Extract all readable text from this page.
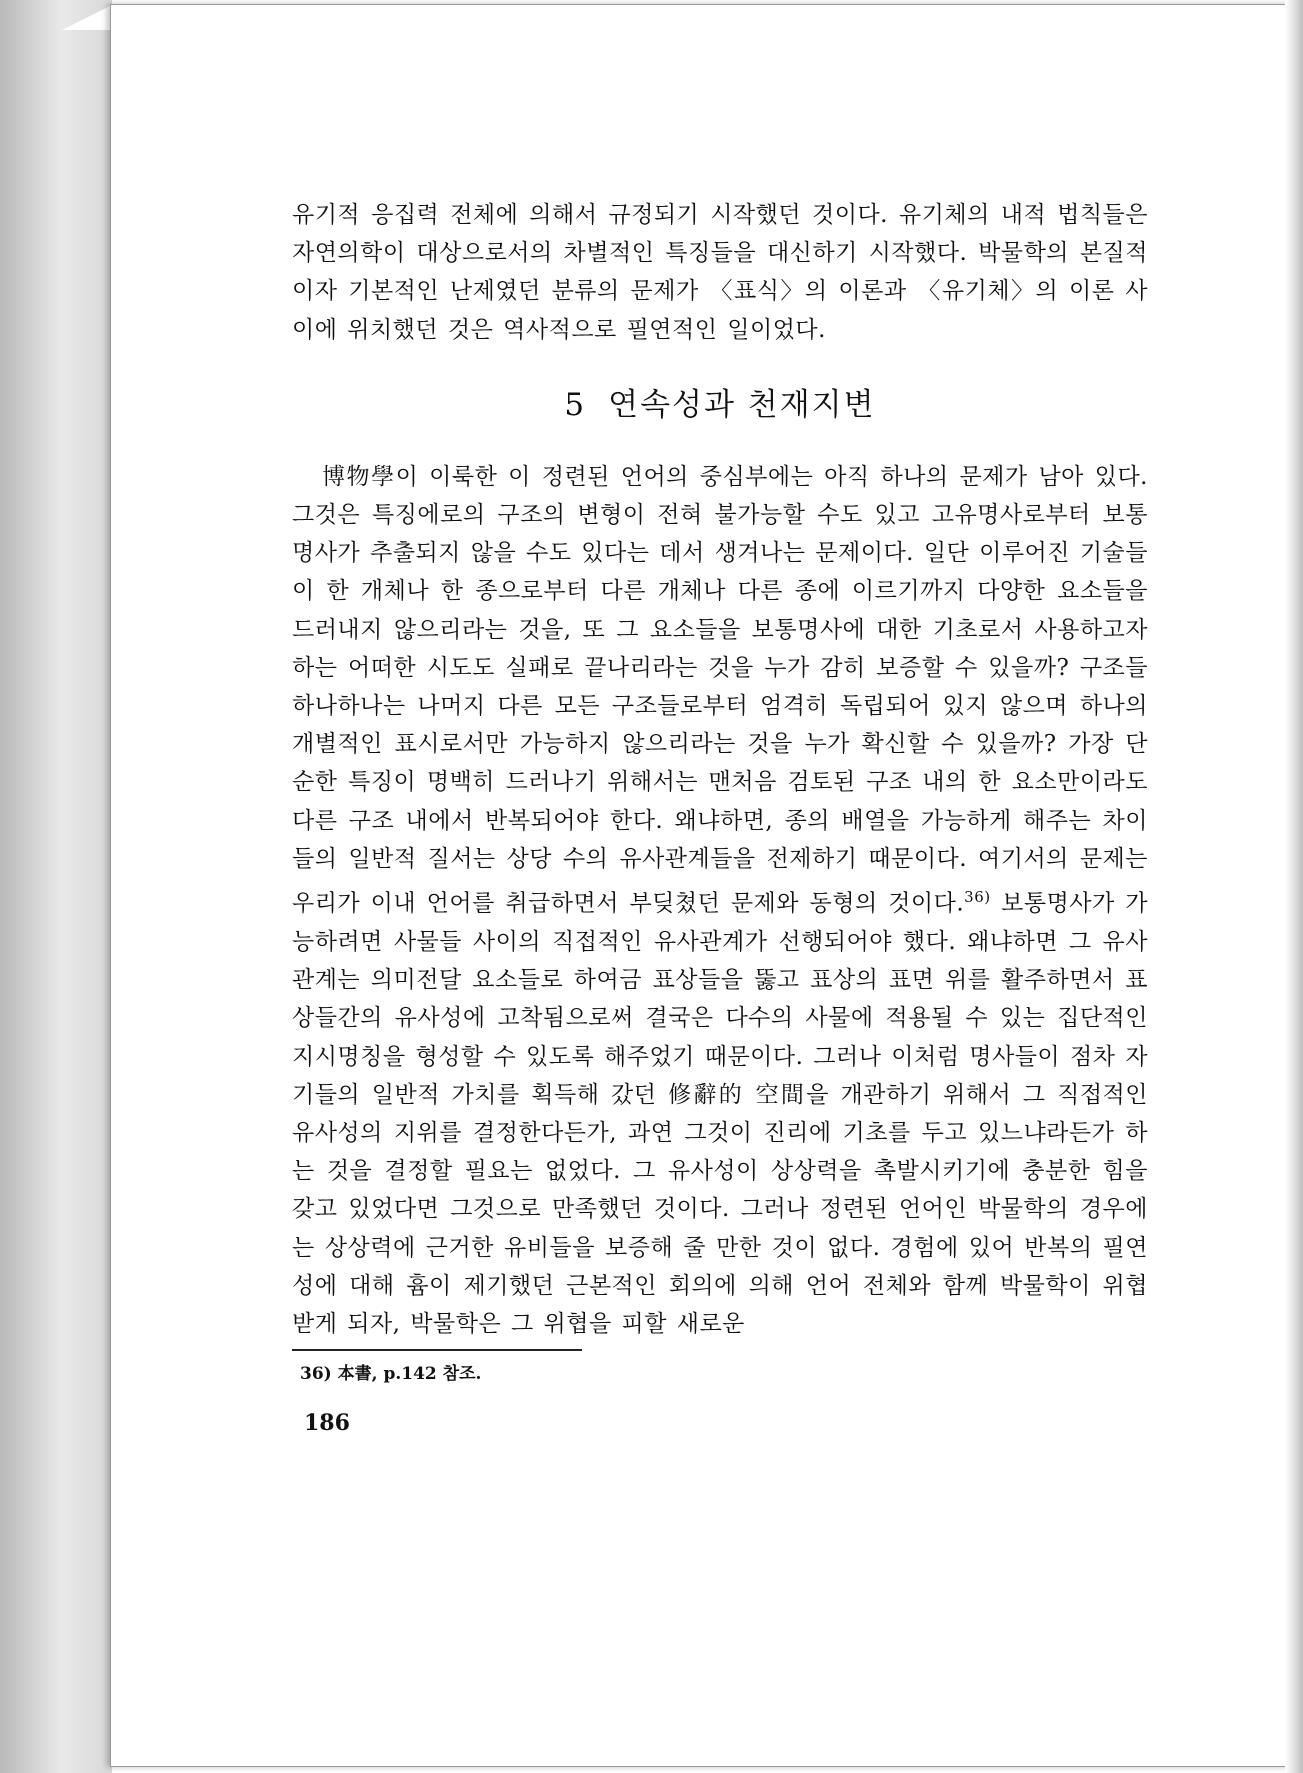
유기적 응집력 전체에 의해서 규정되기 시작했던 것이다. 유기체의 내적 법칙들은 자연의학이 대상으로서의 차별적인 특징들을 대신하기 시작했다. 박물학의 본질적이자 기본적인 난제였던 분류의 문제가 〈표식〉의 이론과 〈유기체〉의 이론 사이에 위치했던 것은 역사적으로 필연적인 일이었다.

5 연속성과 천재지변

博物學이 이룩한 이 정련된 언어의 중심부에는 아직 하나의 문제가 남아 있다. 그것은 특징에로의 구조의 변형이 전혀 불가능할 수도 있고 고유명사로부터 보통명사가 추출되지 않을 수도 있다는 데서 생겨나는 문제이다. 일단 이루어진 기술들이 한 개체나 한 종으로부터 다른 개체나 다른 종에 이르기까지 다양한 요소들을 드러내지 않으리라는 것을, 또 그 요소들을 보통명사에 대한 기초로서 사용하고자 하는 어떠한 시도도 실패로 끝나리라는 것을 누가 감히 보증할 수 있을까? 구조들 하나하나는 나머지 다른 모든 구조들로부터 엄격히 독립되어 있지 않으며 하나의 개별적인 표시로서만 가능하지 않으리라는 것을 누가 확신할 수 있을까? 가장 단순한 특징이 명백히 드러나기 위해서는 맨처음 검토된 구조 내의 한 요소만이라도 다른 구조 내에서 반복되어야 한다. 왜냐하면, 종의 배열을 가능하게 해주는 차이들의 일반적 질서는 상당 수의 유사관계들을 전제하기 때문이다. 여기서의 문제는 우리가 이내 언어를 취급하면서 부딪쳤던 문제와 동형의 것이다.$^{36)}$ 보통명사가 가능하려면 사물들 사이의 직접적인 유사관계가 선행되어야 했다. 왜냐하면 그 유사관계는 의미전달 요소들로 하여금 표상들을 뚫고 표상의 표면 위를 활주하면서 표상들간의 유사성에 고착됨으로써 결국은 다수의 사물에 적용될 수 있는 집단적인 지시명칭을 형성할 수 있도록 해주었기 때문이다. 그러나 이처럼 명사들이 점차 자기들의 일반적 가치를 획득해 갔던 修辭的 空間을 개관하기 위해서 그 직접적인 유사성의 지위를 결정한다든가, 과연 그것이 진리에 기초를 두고 있느냐라든가 하는 것을 결정할 필요는 없었다. 그 유사성이 상상력을 촉발시키기에 충분한 힘을 갖고 있었다면 그것으로 만족했던 것이다. 그러나 정련된 언어인 박물학의 경우에는 상상력에 근거한 유비들을 보증해 줄 만한 것이 없다. 경험에 있어 반복의 필연성에 대해 흄이 제기했던 근본적인 회의에 의해 언어 전체와 함께 박물학이 위협받게 되자, 박물학은 그 위협을 피할 새로운

36) 本書, p.142 참조.
186
